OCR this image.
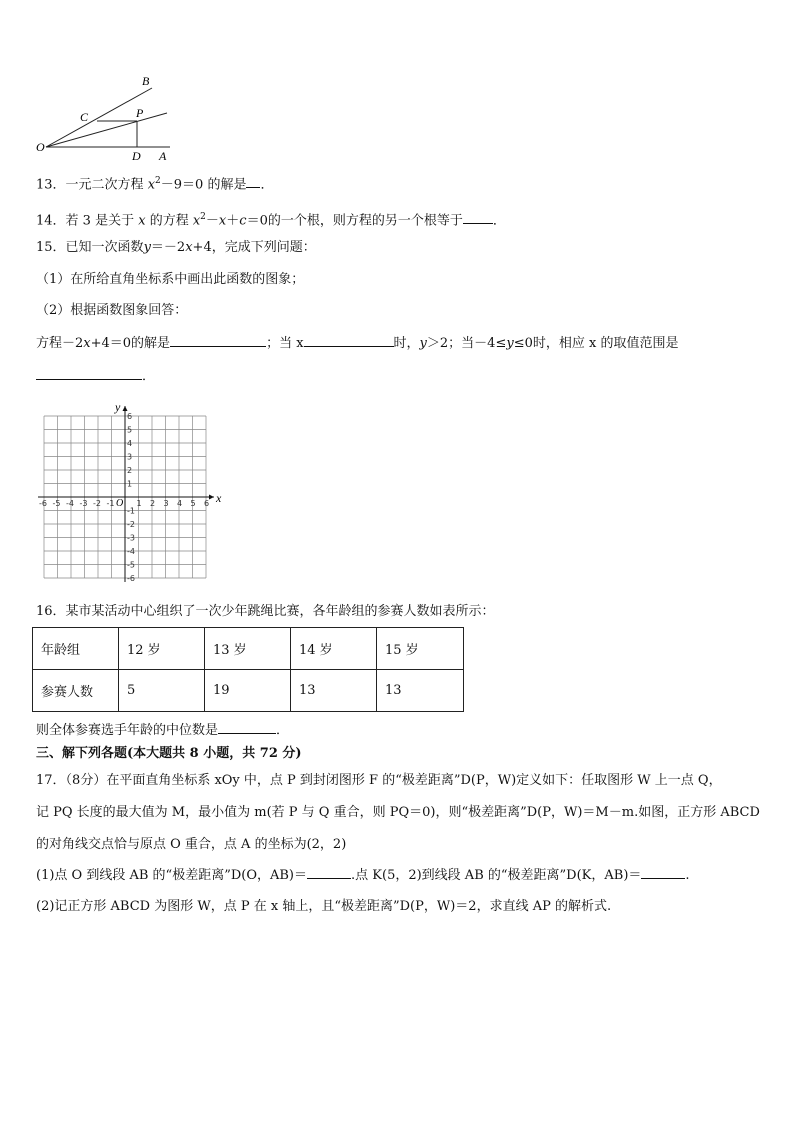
B
C	P
O
D A
13．一元二次方程 $x^2-9=0$ 的解是 ．
14．若 3 是关于 x 的方程 $x^2-x+c=0$的一个根，则方程的另一个根等于 ．
15．已知一次函数y＝－2x+4，完成下列问题：
（1）在所给直角坐标系中画出此函数的图象；
（2）根据函数图象回答：
方程－2x+4＝0的解是	；当 x	时，y＞2；当－4≤y≤0时，相应 x 的取值范围是
．
x
y
O
-6 -5 -4 -3 -2 -1	1 2 3 4 5 6
6
5
4
3
2
1
-1
-2
-3
-4
-5
-6
16．某市某活动中心组织了一次少年跳绳比赛，各年龄组的参赛人数如表所示：
年龄组	12 岁	13 岁	14 岁	15 岁
参赛人数	5	19	13	13
则全体参赛选手年龄的中位数是	．
三、解下列各题(本大题共 8 小题，共 72 分)
17．（8分）在平面直角坐标系 xOy 中，点 P 到封闭图形 F 的“极差距离”D(P，W)定义如下：任取图形 W 上一点 Q，
记 PQ 长度的最大值为 M，最小值为 m(若 P 与 Q 重合，则 PQ＝0)，则“极差距离”D(P，W)＝M－m.如图，正方形 ABCD
的对角线交点恰与原点 O 重合，点 A 的坐标为(2，2)
(1)点 O 到线段 AB 的“极差距离”D(O，AB)＝	.点 K(5，2)到线段 AB 的“极差距离”D(K，AB)＝	.
(2)记正方形 ABCD 为图形 W，点 P 在 x 轴上，且“极差距离”D(P，W)＝2，求直线 AP 的解析式.
